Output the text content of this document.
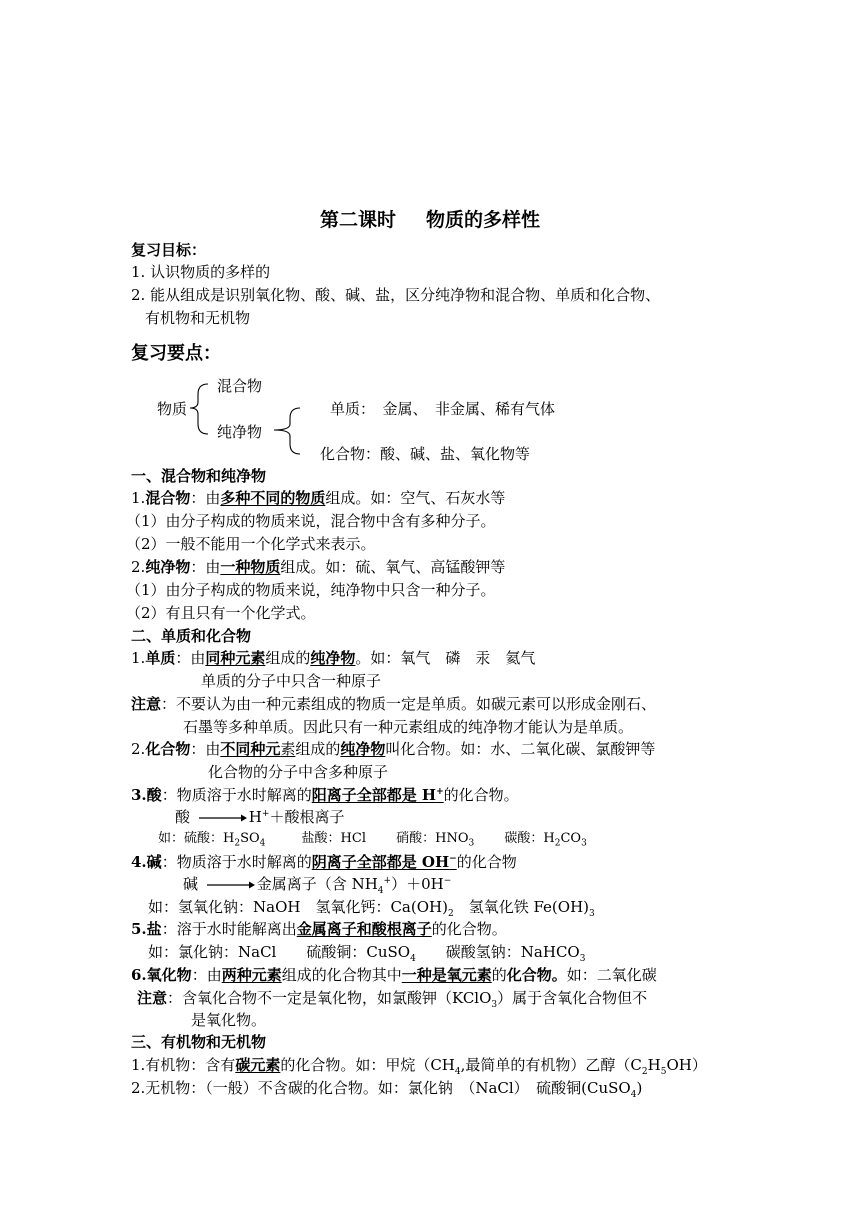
第二课时 物质的多样性
复习目标：
1. 认识物质的多样的
2. 能从组成是识别氧化物、酸、碱、盐，区分纯净物和混合物、单质和化合物、
有机物和无机物
复习要点：
混合物
物质
纯净物
单质：　金属、　非金属、稀有气体
化合物：酸、碱、盐、氧化物等
一、混合物和纯净物
1.混合物：由多种不同的物质组成。如：空气、石灰水等
（1）由分子构成的物质来说，混合物中含有多种分子。
（2）一般不能用一个化学式来表示。
2.纯净物：由一种物质组成。如：硫、氧气、高锰酸钾等
（1）由分子构成的物质来说，纯净物中只含一种分子。
（2）有且只有一个化学式。
二、单质和化合物
1.单质：由同种元素组成的纯净物。如：氧气　磷　汞　氦气
单质的分子中只含一种原子
注意：不要认为由一种元素组成的物质一定是单质。如碳元素可以形成金刚石、
石墨等多种单质。因此只有一种元素组成的纯净物才能认为是单质。
2.化合物：由不同种元素组成的纯净物叫化合物。如：水、二氧化碳、氯酸钾等
化合物的分子中含多种原子
3.酸：物质溶于水时解离的阳离子全部都是 H+的化合物。
酸	H+＋酸根离子
如：硫酸：$H_2SO_4$	盐酸：HCl 硝酸：$HNO_3$ 碳酸：$H_2CO_3$
4.碱：物质溶于水时解离的阴离子全部都是 OH−的化合物
碱	金属离子（含 $NH_4^+)+0H^-$
如：氢氧化钠：NaOH　氢氧化钙：$Ca(OH)_2$　氢氧化铁 $Fe(OH)_3$
5.盐：溶于水时能解离出金属离子和酸根离子的化合物。
如：氯化钠：NaCl　　硫酸铜：CuSO$_4$　　碳酸氢钠：NaHCO$_3$
6.氧化物：由两种元素组成的化合物其中一种是氧元素的化合物。如：二氧化碳
注意：含氧化合物不一定是氧化物，如氯酸钾（KClO$_3$）属于含氧化合物但不
是氧化物。
三、有机物和无机物
1.有机物：含有碳元素的化合物。如：甲烷（$CH_4$,最简单的有机物）乙醇$(C_2H_5OH)$
2.无机物：（一般）不含碳的化合物。如：氯化钠　（NaCl）　硫酸铜(CuSO$_4$)
